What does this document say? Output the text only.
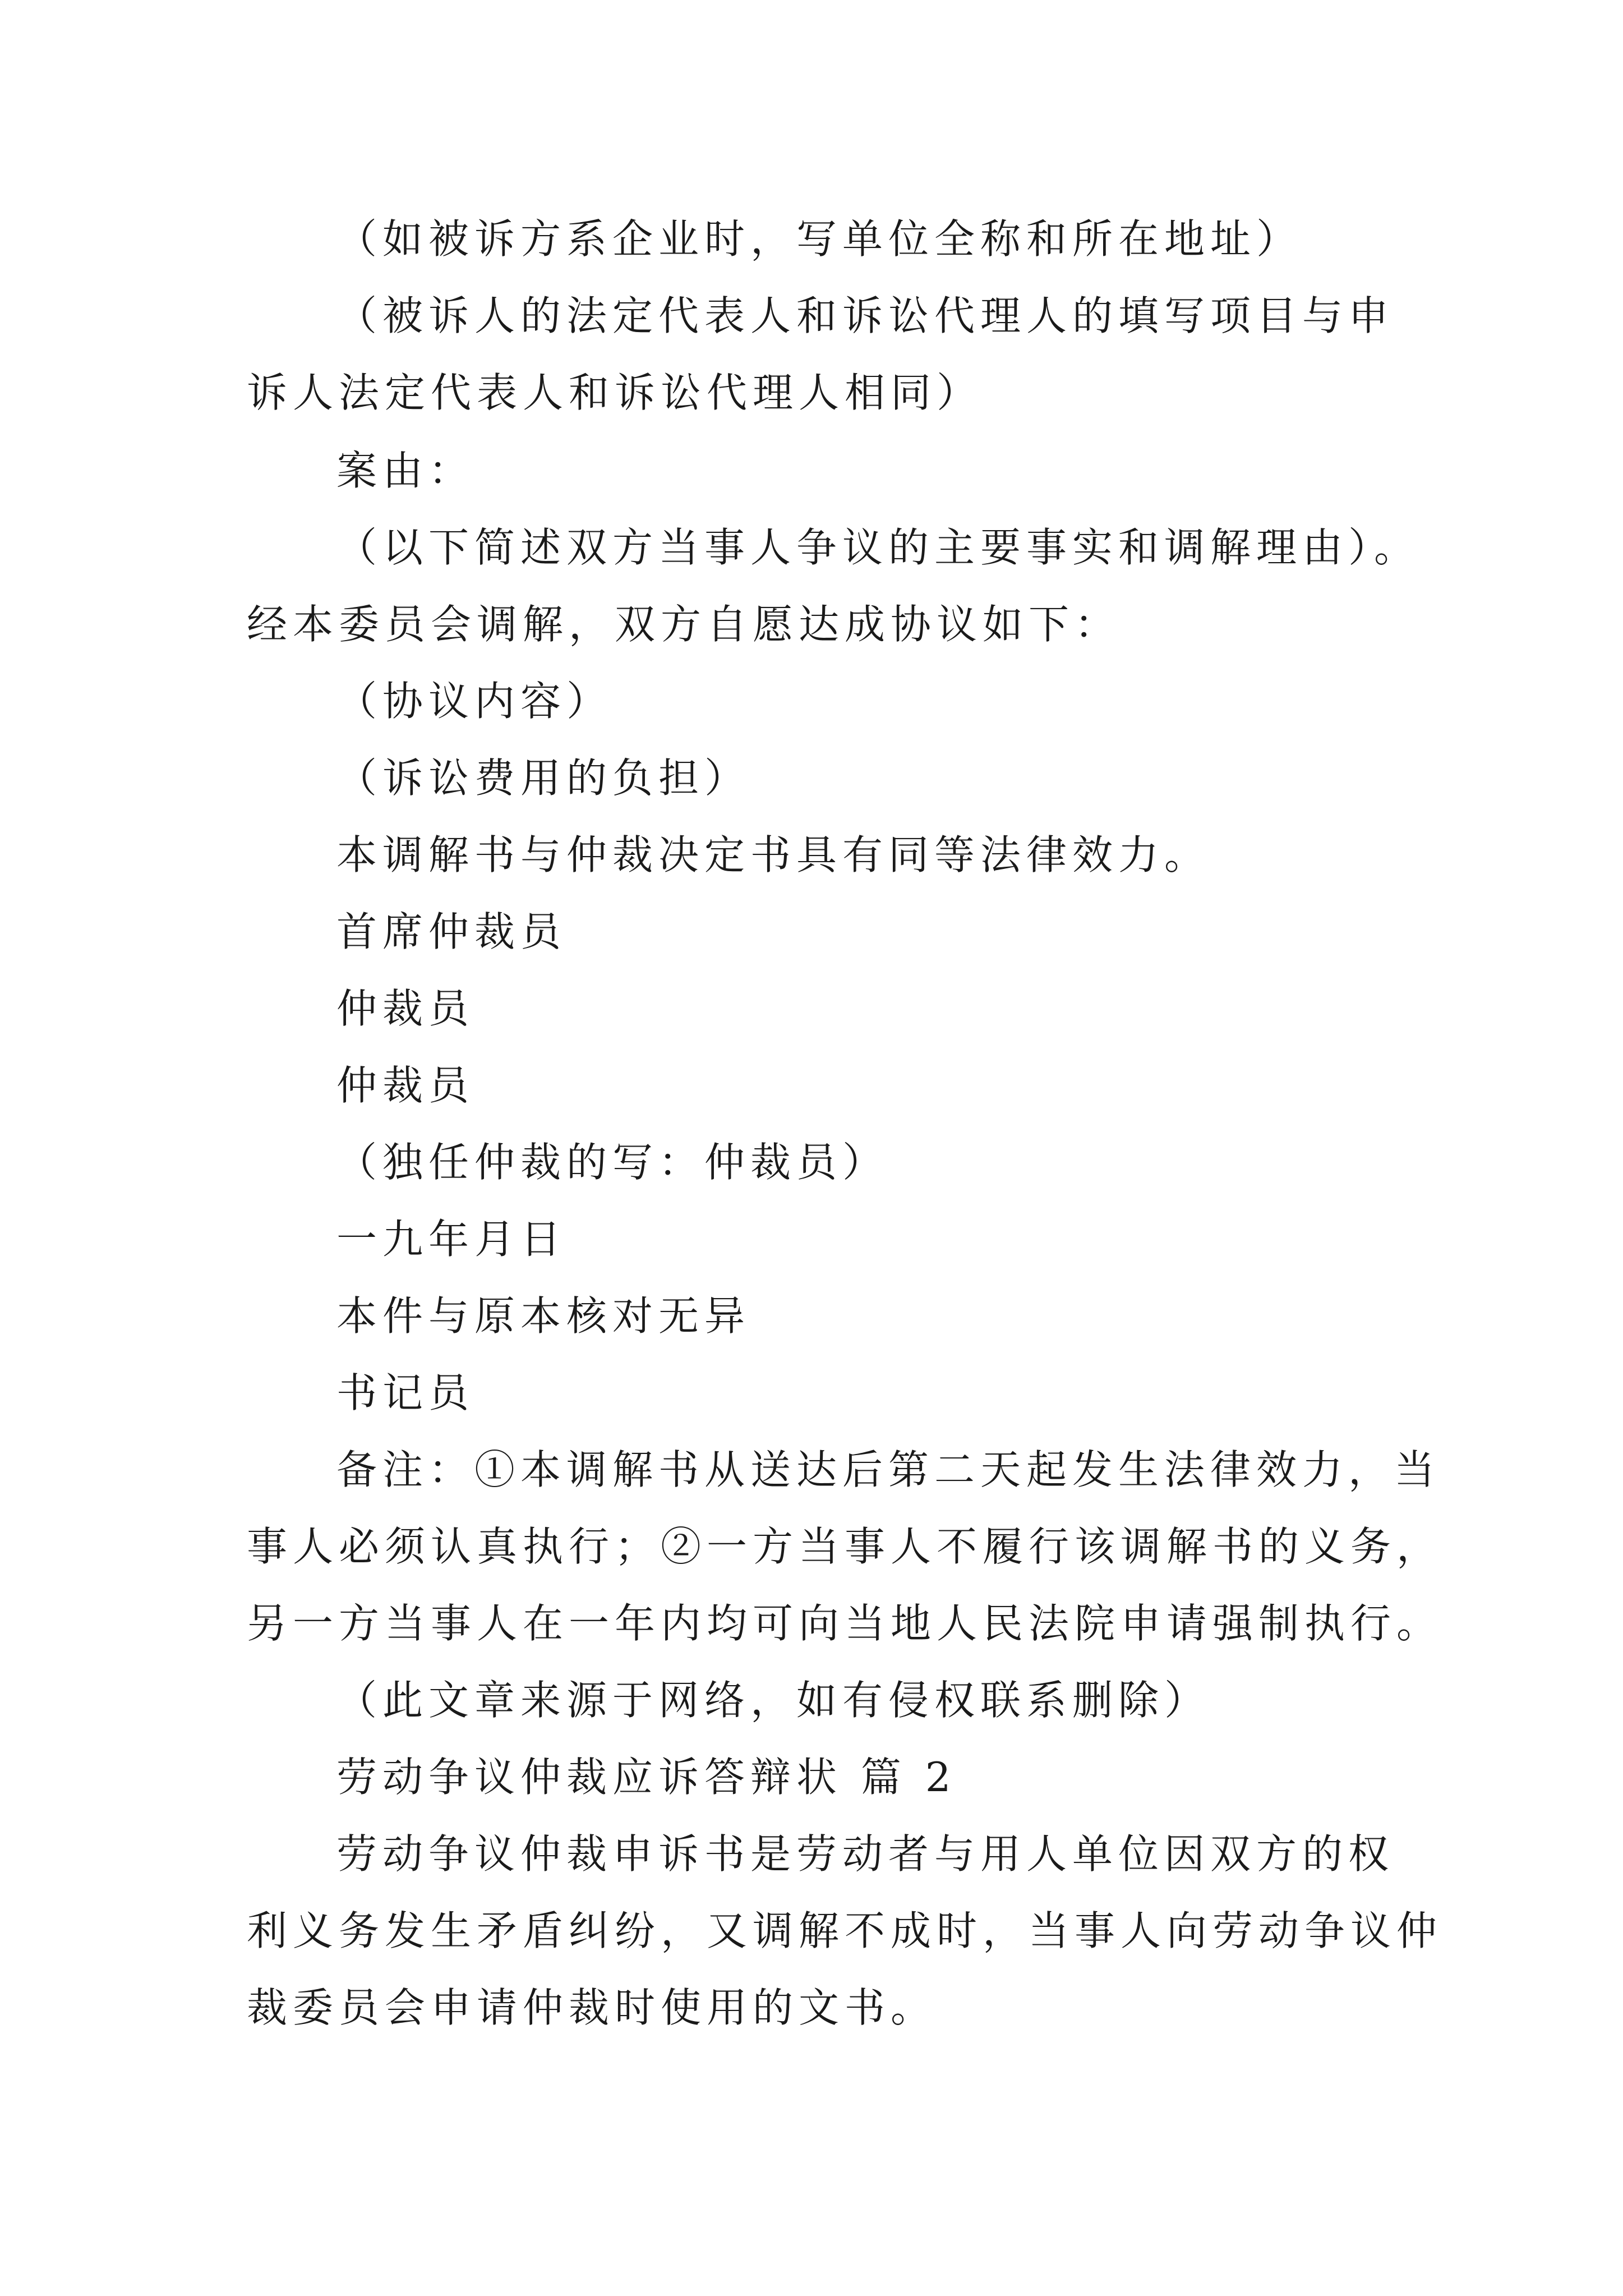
（如被诉方系企业时，写单位全称和所在地址）
（被诉人的法定代表人和诉讼代理人的填写项目与申
诉人法定代表人和诉讼代理人相同）
案由：
（以下简述双方当事人争议的主要事实和调解理由）。
经本委员会调解，双方自愿达成协议如下：
（协议内容）
（诉讼费用的负担）
本调解书与仲裁决定书具有同等法律效力。
首席仲裁员
仲裁员
仲裁员
（独任仲裁的写：仲裁员）
一九年月日
本件与原本核对无异
书记员
备注：①本调解书从送达后第二天起发生法律效力，当
事人必须认真执行；②一方当事人不履行该调解书的义务，
另一方当事人在一年内均可向当地人民法院申请强制执行。
（此文章来源于网络，如有侵权联系删除）
劳动争议仲裁应诉答辩状 篇 2
劳动争议仲裁申诉书是劳动者与用人单位因双方的权
利义务发生矛盾纠纷，又调解不成时，当事人向劳动争议仲
裁委员会申请仲裁时使用的文书。
